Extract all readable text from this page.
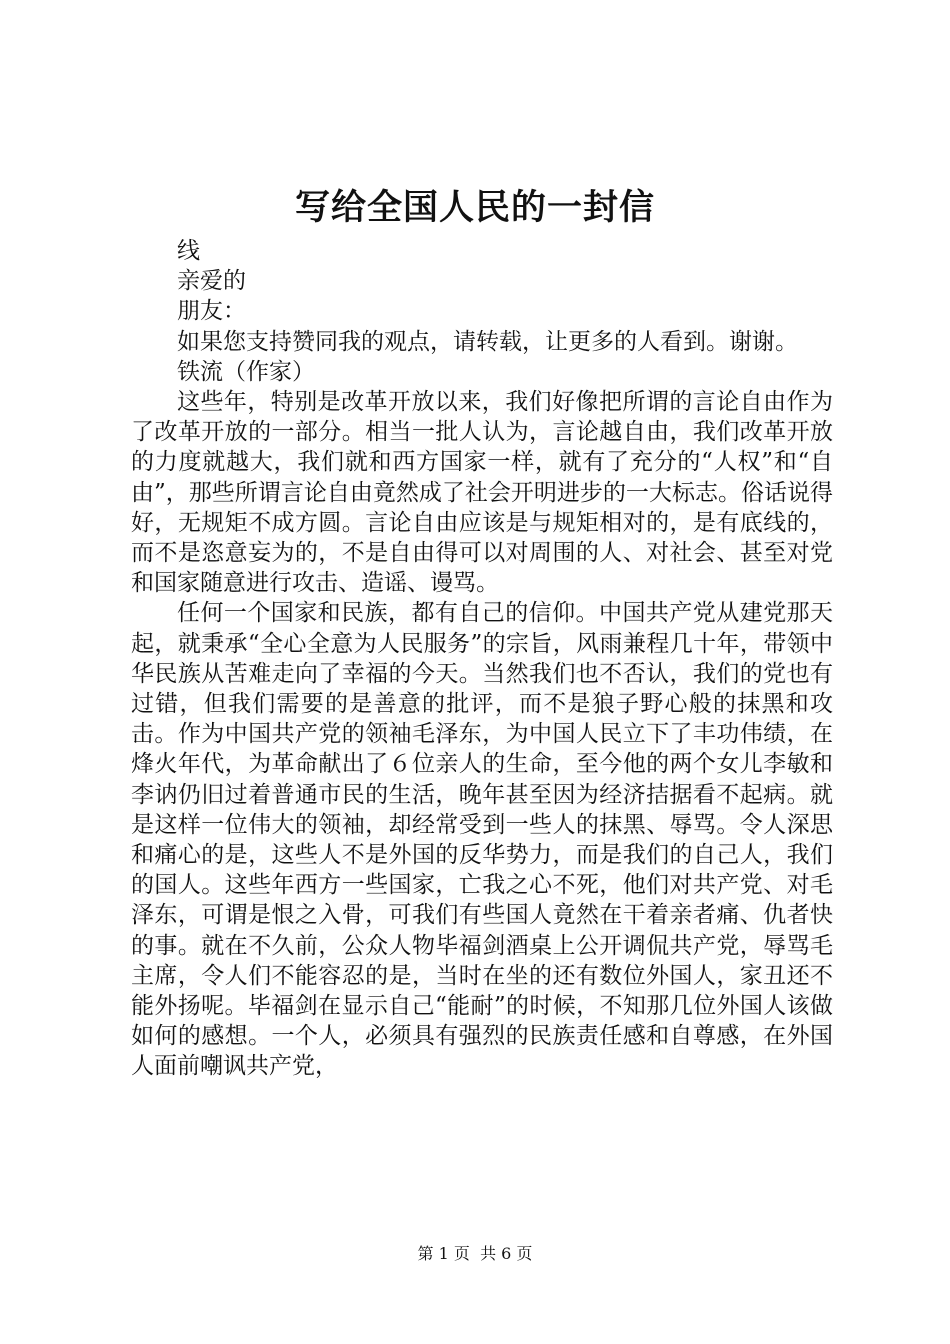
写给全国人民的一封信

线

亲爱的

朋友：

如果您支持赞同我的观点，请转载，让更多的人看到。谢谢。

铁流（作家）

这些年，特别是改革开放以来，我们好像把所谓的言论自由作为了改革开放的一部分。相当一批人认为，言论越自由，我们改革开放的力度就越大，我们就和西方国家一样，就有了充分的“人权”和“自由”，那些所谓言论自由竟然成了社会开明进步的一大标志。俗话说得好，无规矩不成方圆。言论自由应该是与规矩相对的，是有底线的，而不是恣意妄为的，不是自由得可以对周围的人、对社会、甚至对党和国家随意进行攻击、造谣、谩骂。

任何一个国家和民族，都有自己的信仰。中国共产党从建党那天起，就秉承“全心全意为人民服务”的宗旨，风雨兼程几十年，带领中华民族从苦难走向了幸福的今天。当然我们也不否认，我们的党也有过错，但我们需要的是善意的批评，而不是狼子野心般的抹黑和攻击。作为中国共产党的领袖毛泽东，为中国人民立下了丰功伟绩，在烽火年代，为革命献出了６位亲人的生命，至今他的两个女儿李敏和李讷仍旧过着普通市民的生活，晚年甚至因为经济拮据看不起病。就是这样一位伟大的领袖，却经常受到一些人的抹黑、辱骂。令人深思和痛心的是，这些人不是外国的反华势力，而是我们的自己人，我们的国人。这些年西方一些国家，亡我之心不死，他们对共产党、对毛泽东，可谓是恨之入骨，可我们有些国人竟然在干着亲者痛、仇者快的事。就在不久前，公众人物毕福剑酒桌上公开调侃共产党，辱骂毛主席，令人们不能容忍的是，当时在坐的还有数位外国人，家丑还不能外扬呢。毕福剑在显示自己“能耐”的时候，不知那几位外国人该做如何的感想。一个人，必须具有强烈的民族责任感和自尊感，在外国人面前嘲讽共产党，

第 1 页  共 6 页
